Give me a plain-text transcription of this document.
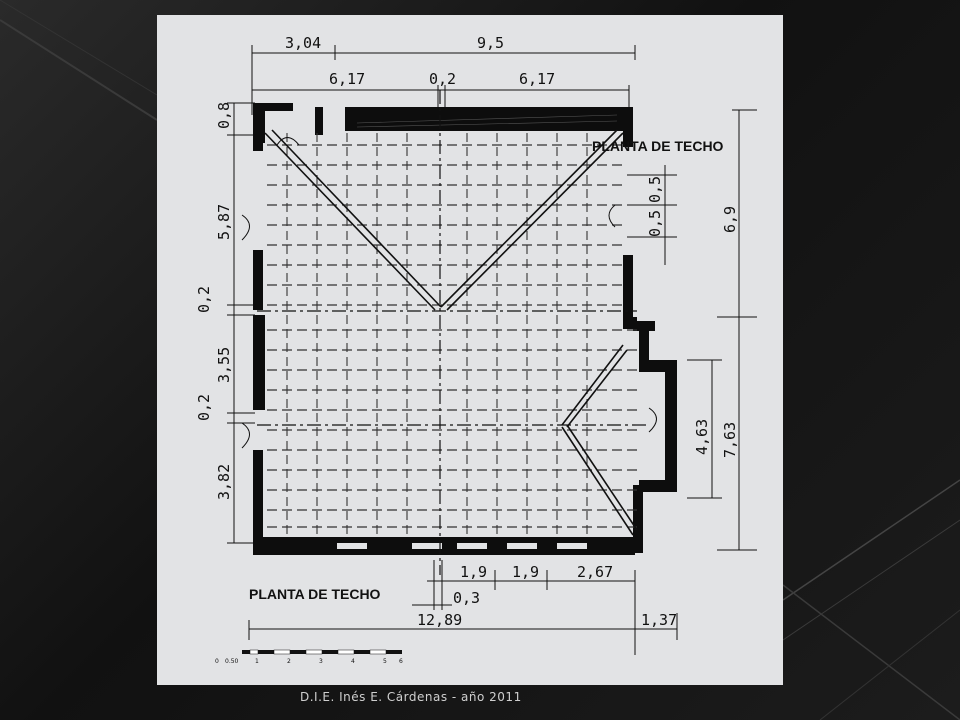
3,04	9,5
6,17	0,2	6,17
0,8
5,87
0,2
3,55
0,2
3,82
0,5
0,5	6,9
4,63 7,63
PLANTA DE TECHO
PLANTA DE TECHO
1,9 1,9	2,67
0,3
12,89	1,37
0 0.50	1	2	3	4	5 6
D.I.E. Inés E. Cárdenas - año 2011
